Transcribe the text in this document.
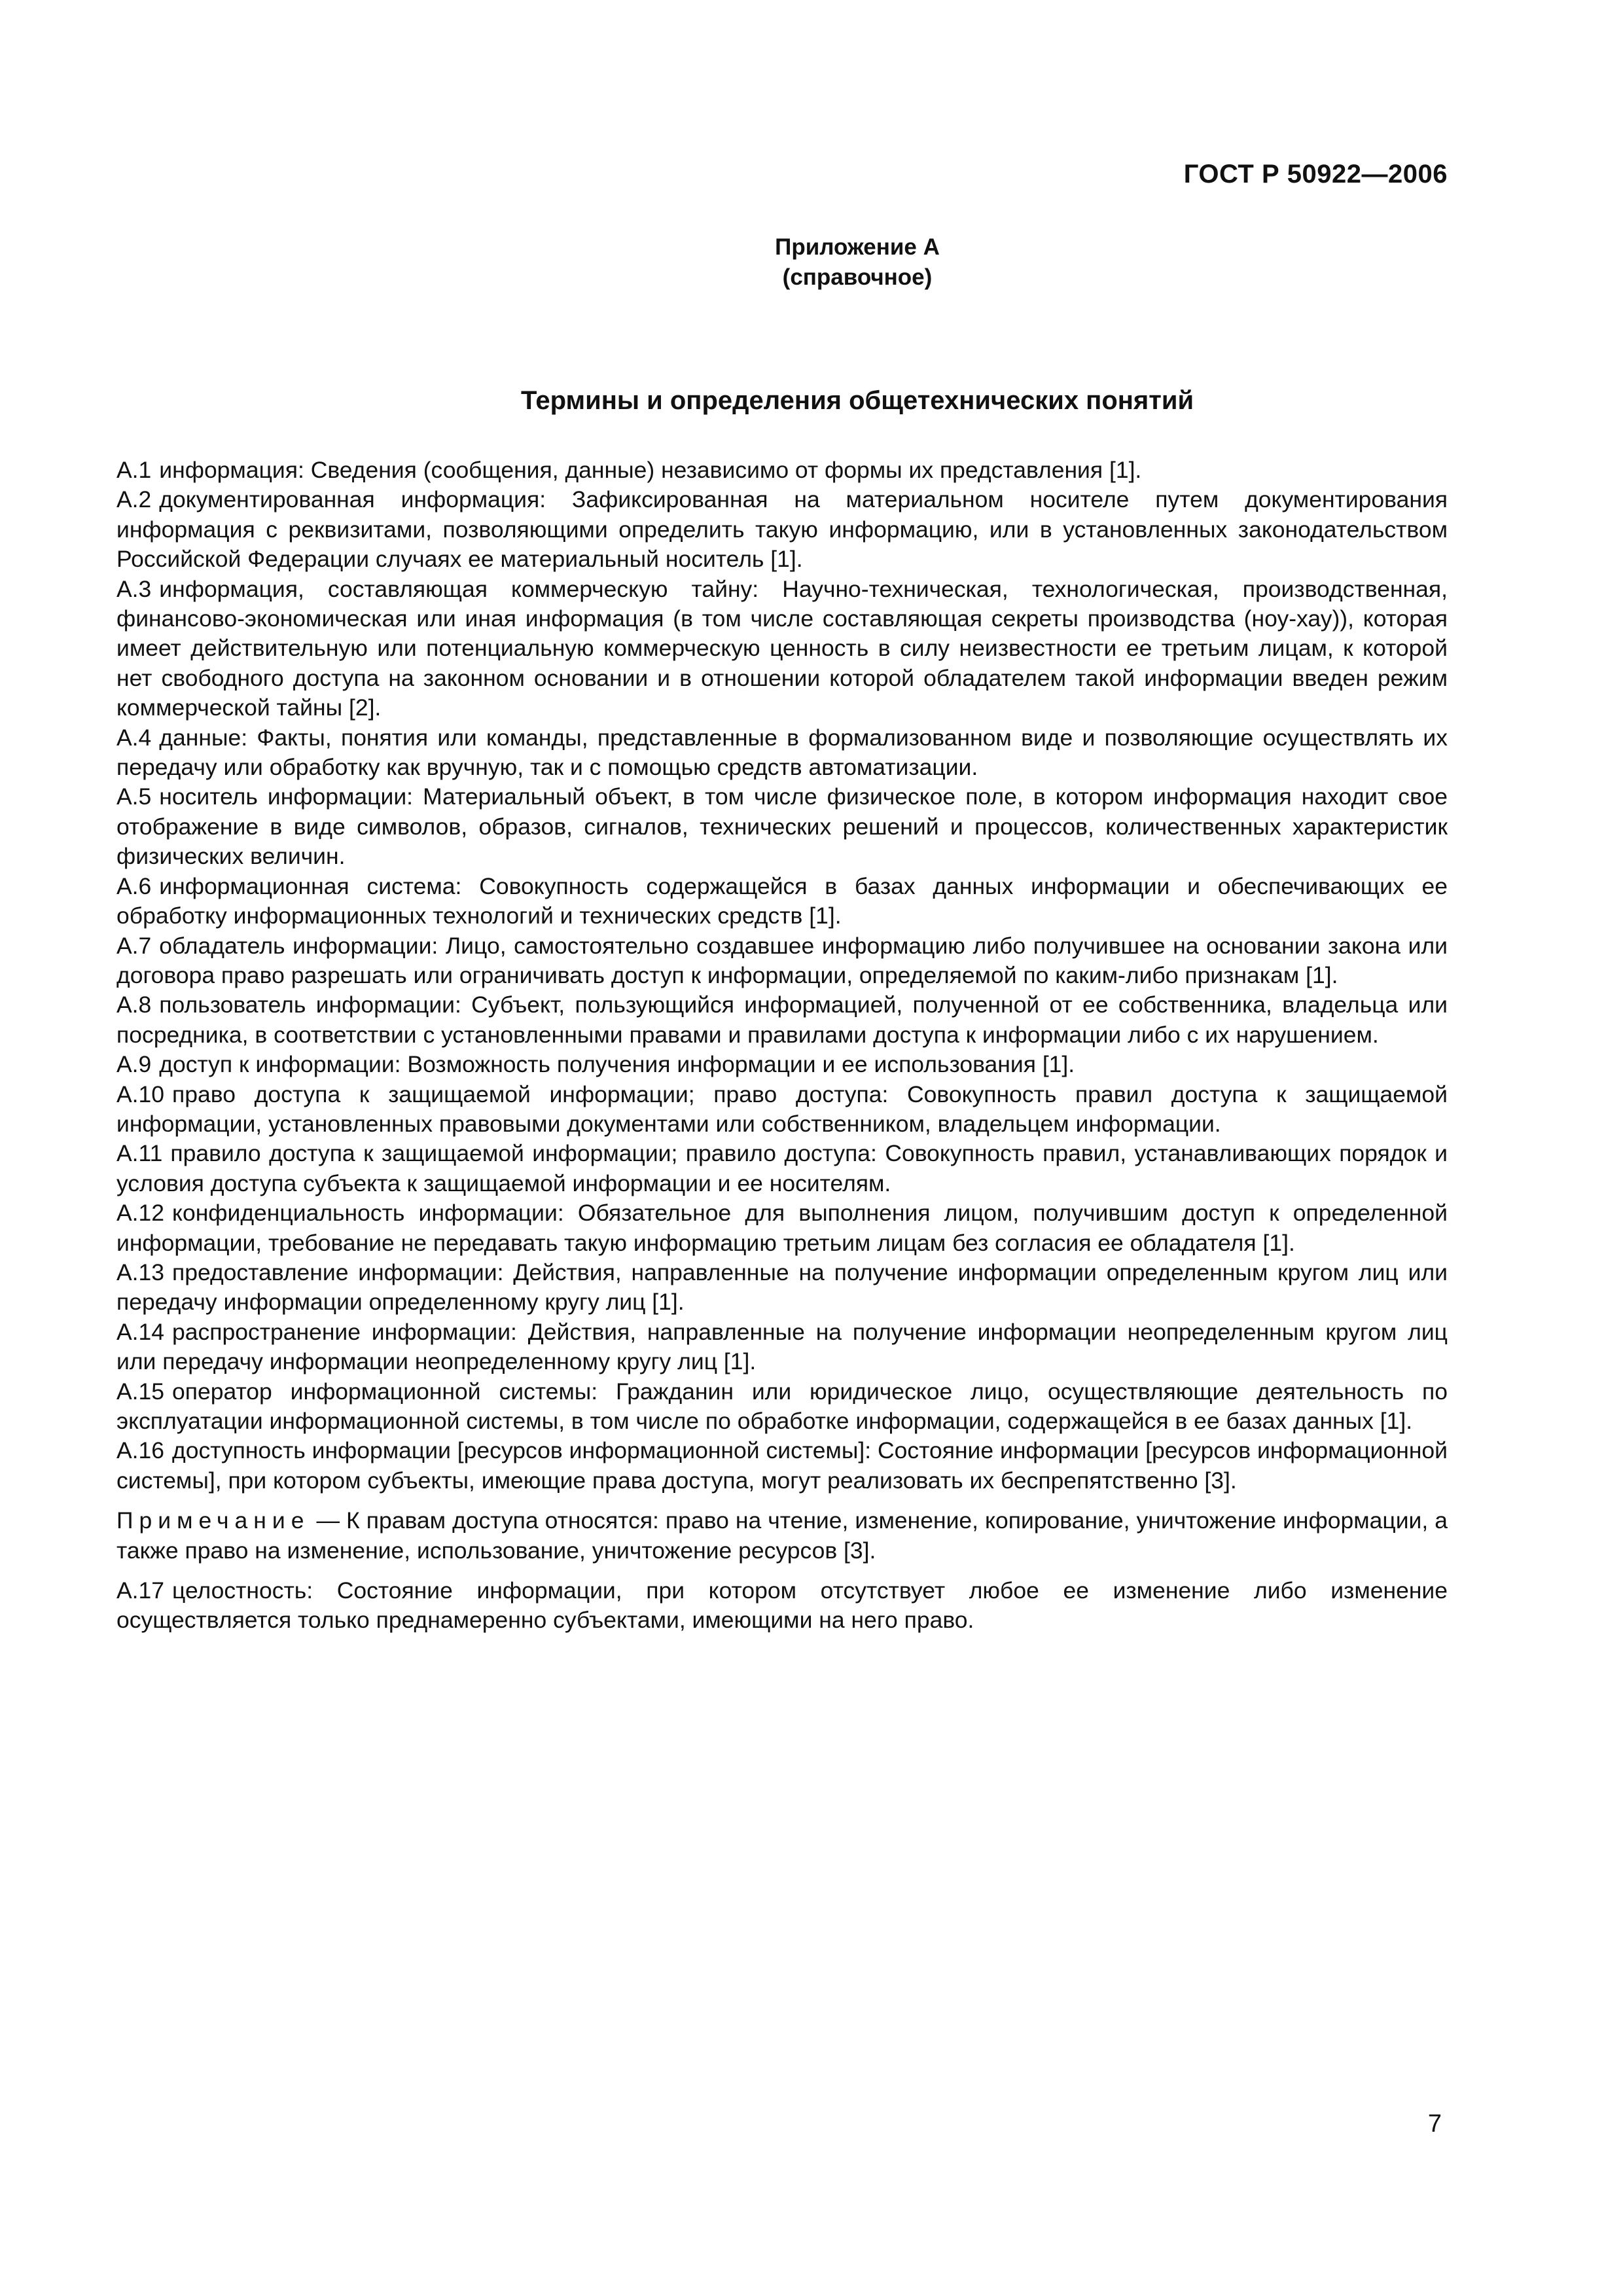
ГОСТ Р 50922—2006
Приложение А
(справочное)
Термины и определения общетехнических понятий

А.1 информация: Сведения (сообщения, данные) независимо от формы их представления [1].

А.2 документированная информация: Зафиксированная на материальном носителе путем документирования информация с реквизитами, позволяющими определить такую информацию, или в установленных законодательством Российской Федерации случаях ее материальный носитель [1].

А.3 информация, составляющая коммерческую тайну: Научно-техническая, технологическая, производственная, финансово-экономическая или иная информация (в том числе составляющая секреты производства (ноу-хау)), которая имеет действительную или потенциальную коммерческую ценность в силу неизвестности ее третьим лицам, к которой нет свободного доступа на законном основании и в отношении которой обладателем такой информации введен режим коммерческой тайны [2].

А.4 данные: Факты, понятия или команды, представленные в формализованном виде и позволяющие осуществлять их передачу или обработку как вручную, так и с помощью средств автоматизации.

А.5 носитель информации: Материальный объект, в том числе физическое поле, в котором информация находит свое отображение в виде символов, образов, сигналов, технических решений и процессов, количественных характеристик физических величин.

А.6 информационная система: Совокупность содержащейся в базах данных информации и обеспечивающих ее обработку информационных технологий и технических средств [1].

А.7 обладатель информации: Лицо, самостоятельно создавшее информацию либо получившее на основании закона или договора право разрешать или ограничивать доступ к информации, определяемой по каким-либо признакам [1].

А.8 пользователь информации: Субъект, пользующийся информацией, полученной от ее собственника, владельца или посредника, в соответствии с установленными правами и правилами доступа к информации либо с их нарушением.

А.9 доступ к информации: Возможность получения информации и ее использования [1].

А.10 право доступа к защищаемой информации; право доступа: Совокупность правил доступа к защищаемой информации, установленных правовыми документами или собственником, владельцем информации.

А.11 правило доступа к защищаемой информации; правило доступа: Совокупность правил, устанавливающих порядок и условия доступа субъекта к защищаемой информации и ее носителям.

А.12 конфиденциальность информации: Обязательное для выполнения лицом, получившим доступ к определенной информации, требование не передавать такую информацию третьим лицам без согласия ее обладателя [1].

А.13 предоставление информации: Действия, направленные на получение информации определенным кругом лиц или передачу информации определенному кругу лиц [1].

А.14 распространение информации: Действия, направленные на получение информации неопределенным кругом лиц или передачу информации неопределенному кругу лиц [1].

А.15 оператор информационной системы: Гражданин или юридическое лицо, осуществляющие деятельность по эксплуатации информационной системы, в том числе по обработке информации, содержащейся в ее базах данных [1].

А.16 доступность информации [ресурсов информационной системы]: Состояние информации [ресурсов информационной системы], при котором субъекты, имеющие права доступа, могут реализовать их беспрепятственно [3].

Примечание — К правам доступа относятся: право на чтение, изменение, копирование, уничтожение информации, а также право на изменение, использование, уничтожение ресурсов [3].

А.17 целостность: Состояние информации, при котором отсутствует любое ее изменение либо изменение осуществляется только преднамеренно субъектами, имеющими на него право.

7
